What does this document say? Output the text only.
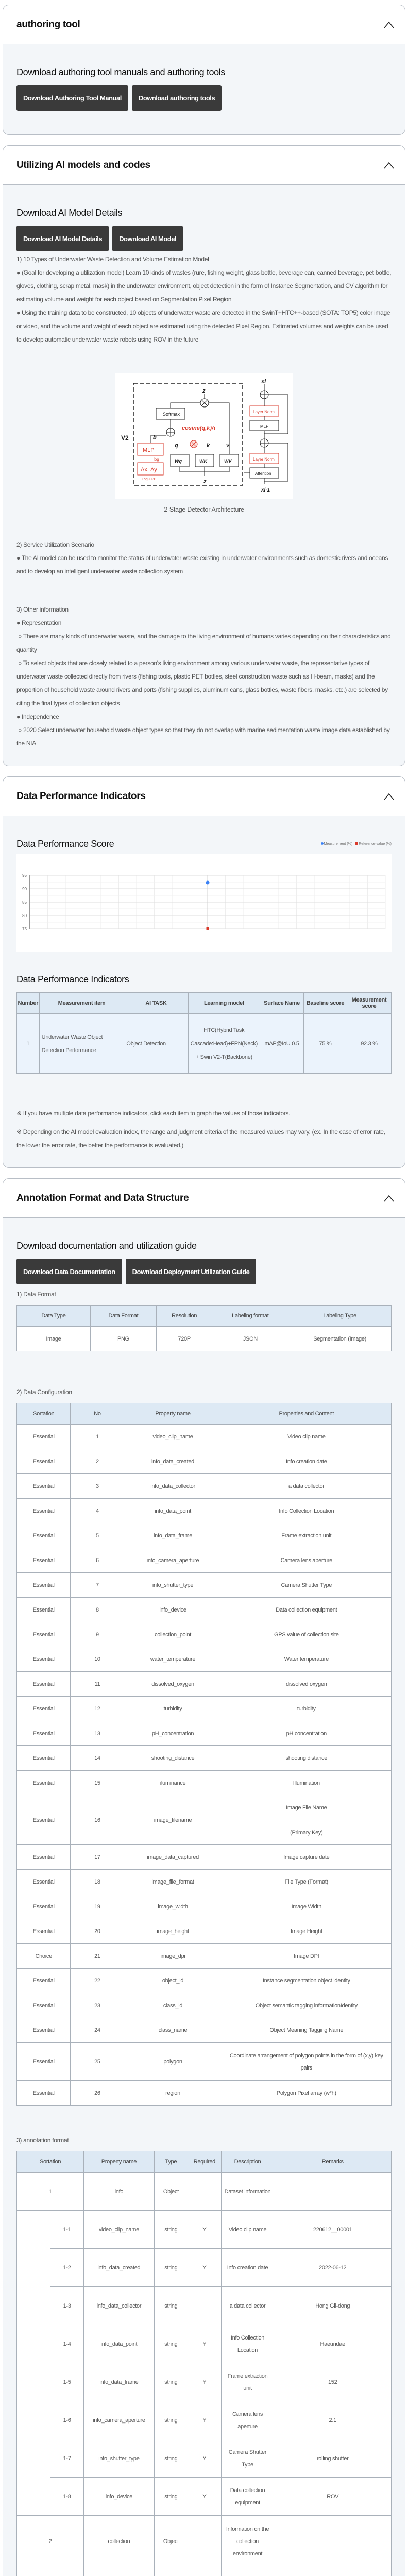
authoring tool
Download authoring tool manuals and authoring tools
Download Authoring Tool Manual	Download authoring tools
Utilizing AI models and codes
Download AI Model Details
Download AI Model Details	Download AI Model
1) 10 Types of Underwater Waste Detection and Volume Estimation Model
● (Goal for developing a utilization model) Learn 10 kinds of wastes (rure, fishing weight, glass bottle, beverage can, canned beverage, pet bottle, gloves, clothing, scrap metal, mask) in the underwater environment, object detection in the form of Instance Segmentation, and CV algorithm for estimating volume and weight for each object based on Segmentation Pixel Region
● Using the training data to be constructed, 10 objects of underwater waste are detected in the SwinT+HTC++-based (SOTA: TOP5) color image or video, and the volume and weight of each object are estimated using the detected Pixel Region. Estimated volumes and weights can be used to develop automatic underwater waste robots using ROV in the future
V2
Softmax
cosine(q,k)/τ
MLP
log
Δx, Δy
Log-CPB
Wq	WK	WV
b
q	k	v
z
z
Layer Norm
MLP
Layer Norm
Attention
xl
xl-1
- 2-Stage Detector Architecture -
2) Service Utilization Scenario
● The AI model can be used to monitor the status of underwater waste existing in underwater environments such as domestic rivers and oceans and to develop an intelligent underwater waste collection system
3) Other information
● Representation
○ There are many kinds of underwater waste, and the damage to the living environment of humans varies depending on their characteristics and quantity
○ To select objects that are closely related to a person's living environment among various underwater waste, the representative types of underwater waste collected directly from rivers (fishing tools, plastic PET bottles, steel construction waste such as H-beam, masks) and the proportion of household waste around rivers and ports (fishing supplies, aluminum cans, glass bottles, waste fibers, masks, etc.) are selected by citing the final types of collection objects
● Independence
○ 2020 Select underwater household waste object types so that they do not overlap with marine sedimentation waste image data established by the NIA
Data Performance Indicators
Data Performance Score	Measurement (%)	Reference value (%)
75
80
85
90
95
Data Performance Indicators
Number	Measurement item	AI TASK	Learning model	Surface Name	Baseline score	Measurement score
1	Underwater Waste Object Detection Performance	Object Detection	HTC(Hybrid Task Cascade:Head)+FPN(Neck) + Swin V2-T(Backbone)	mAP@IoU 0.5	75 %	92.3 %
※ If you have multiple data performance indicators, click each item to graph the values of those indicators.
※ Depending on the AI model evaluation index, the range and judgment criteria of the measured values may vary. (ex. In the case of error rate, the lower the error rate, the better the performance is evaluated.)
Annotation Format and Data Structure
Download documentation and utilization guide
Download Data Documentation	Download Deployment Utilization Guide
1) Data Format
Data Type	Data Format	Resolution	Labeling format	Labeling Type
Image	PNG	720P	JSON	Segmentation (Image)
2) Data Configuration
Sortation	No	Property name	Properties and Content
Essential	1	video_clip_name	Video clip name
Essential	2	info_data_created	Info creation date
Essential	3	info_data_collector	a data collector
Essential	4	info_data_point	Info Collection Location
Essential	5	info_data_frame	Frame extraction unit
Essential	6	info_camera_aperture	Camera lens aperture
Essential	7	info_shutter_type	Camera Shutter Type
Essential	8	info_device	Data collection equipment
Essential	9	collection_point	GPS value of collection site
Essential	10	water_temperature	Water temperature
Essential	11	dissolved_oxygen	dissolved oxygen
Essential	12	turbidity	turbidity
Essential	13	pH_concentration	pH concentration
Essential	14	shooting_distance	shooting distance
Essential	15	iluminance	Illumination
Essential	16	image_filename	Image File Name
			(Primary Key)
Essential	17	image_data_captured	Image capture date
Essential	18	image_file_format	File Type (Format)
Essential	19	image_width	Image Width
Essential	20	image_height	Image Height
Choice	21	image_dpi	Image DPI
Essential	22	object_id	Instance segmentation object identity
Essential	23	class_id	Object semantic tagging informationIdentity
Essential	24	class_name	Object Meaning Tagging Name
Essential	25	polygon	Coordinate arrangement of polygon points in the form of (x,y) key pairs
Essential	26	region	Polygon Pixel array (w*h)
3) annotation format
Sortation		Property name	Type	Required	Description	Remarks
1		info	Object		Dataset information	
	1-1	video_clip_name	string	Y	Video clip name	220612__00001
	1-2	info_data_created	string	Y	Info creation date	2022-06-12
	1-3	info_data_collector	string		a data collector	Hong Gil-dong
	1-4	info_data_point	string	Y	Info Collection Location	Haeundae
	1-5	info_data_frame	string	Y	Frame extraction unit	152
	1-6	info_camera_aperture	string	Y	Camera lens aperture	2.1
	1-7	info_shutter_type	string	Y	Camera Shutter Type	rolling shutter
	1-8	info_device	string	Y	Data collection equipment	ROV
2		collection	Object		Information on the collection environment	
